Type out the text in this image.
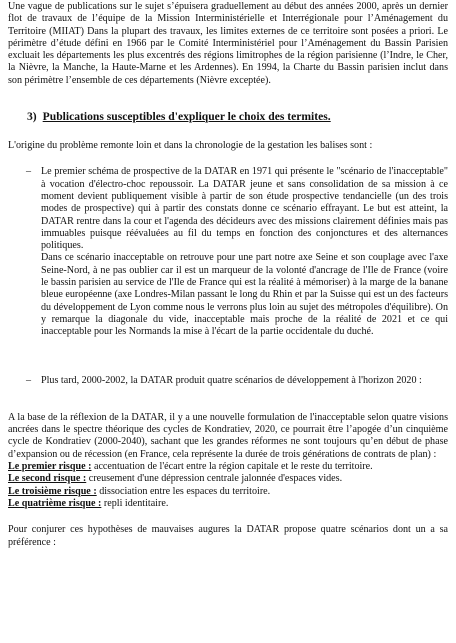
Une vague de publications sur le sujet s’épuisera graduellement au début des années 2000, après un dernier flot de travaux de l’équipe de la Mission Interministérielle et Interrégionale pour l’Aménagement du Territoire (MIIAT) Dans la plupart des travaux, les limites externes de ce territoire sont posées a priori. Le périmètre d’étude défini en 1966 par le Comité Interministériel pour l’Aménagement du Bassin Parisien excluait les départements les plus excentrés des régions limitrophes de la région parisienne (l’Indre, le Cher, la Nièvre, la Manche, la Haute-Marne et les Ardennes). En 1994, la Charte du Bassin parisien inclut dans son périmètre l’ensemble de ces départements (Nièvre exceptée).

3) Publications susceptibles d'expliquer le choix des termites.

L'origine du problème remonte loin et dans la chronologie de la gestation les balises sont :

– Le premier schéma de prospective de la DATAR en 1971 qui présente le "scénario de l'inacceptable" à vocation d'électro-choc repoussoir. La DATAR jeune et sans consolidation de sa mission à ce moment devient publiquement visible à partir de son étude prospective tendancielle (un des trois modes de prospective) qui à partir des constats donne ce scénario effrayant. Le but est atteint, la DATAR rentre dans la cour et l'agenda des décideurs avec des missions clairement définies mais pas immuables puisque réévaluées au fil du temps en fonction des conjonctures et des alternances politiques.

Dans ce scénario inacceptable on retrouve pour une part notre axe Seine et son couplage avec l'axe Seine-Nord, à ne pas oublier car il est un marqueur de la volonté d'ancrage de l'Ile de France (voire le bassin parisien au service de l'Ile de France qui est la réalité à mémoriser) à la marge de la banane bleue européenne (axe Londres-Milan passant le long du Rhin et par la Suisse qui est un des facteurs du développement de Lyon comme nous le verrons plus loin au sujet des métropoles d'équilibre). On y remarque la diagonale du vide, inacceptable mais proche de la réalité de 2021 et ce qui inacceptable pour les Normands la mise à l'écart de la partie occidentale du duché.

– Plus tard, 2000-2002, la DATAR produit quatre scénarios de développement à l'horizon 2020 :

A la base de la réflexion de la DATAR, il y a une nouvelle formulation de l'inacceptable selon quatre visions ancrées dans le spectre théorique des cycles de Kondratiev, 2020, ce pourrait être l’apogée d’un cinquième cycle de Kondratiev (2000-2040), sachant que les grandes réformes ne sont toujours qu’en début de phase d’expansion ou de récession (en France, cela représente la durée de trois générations de contrats de plan) :

Le premier risque : accentuation de l'écart entre la région capitale et le reste du territoire.

Le second risque : creusement d'une dépression centrale jalonnée d'espaces vides.

Le troisième risque : dissociation entre les espaces du territoire.

Le quatrième risque : repli identitaire.

Pour conjurer ces hypothèses de mauvaises augures la DATAR propose quatre scénarios dont un a sa préférence :
